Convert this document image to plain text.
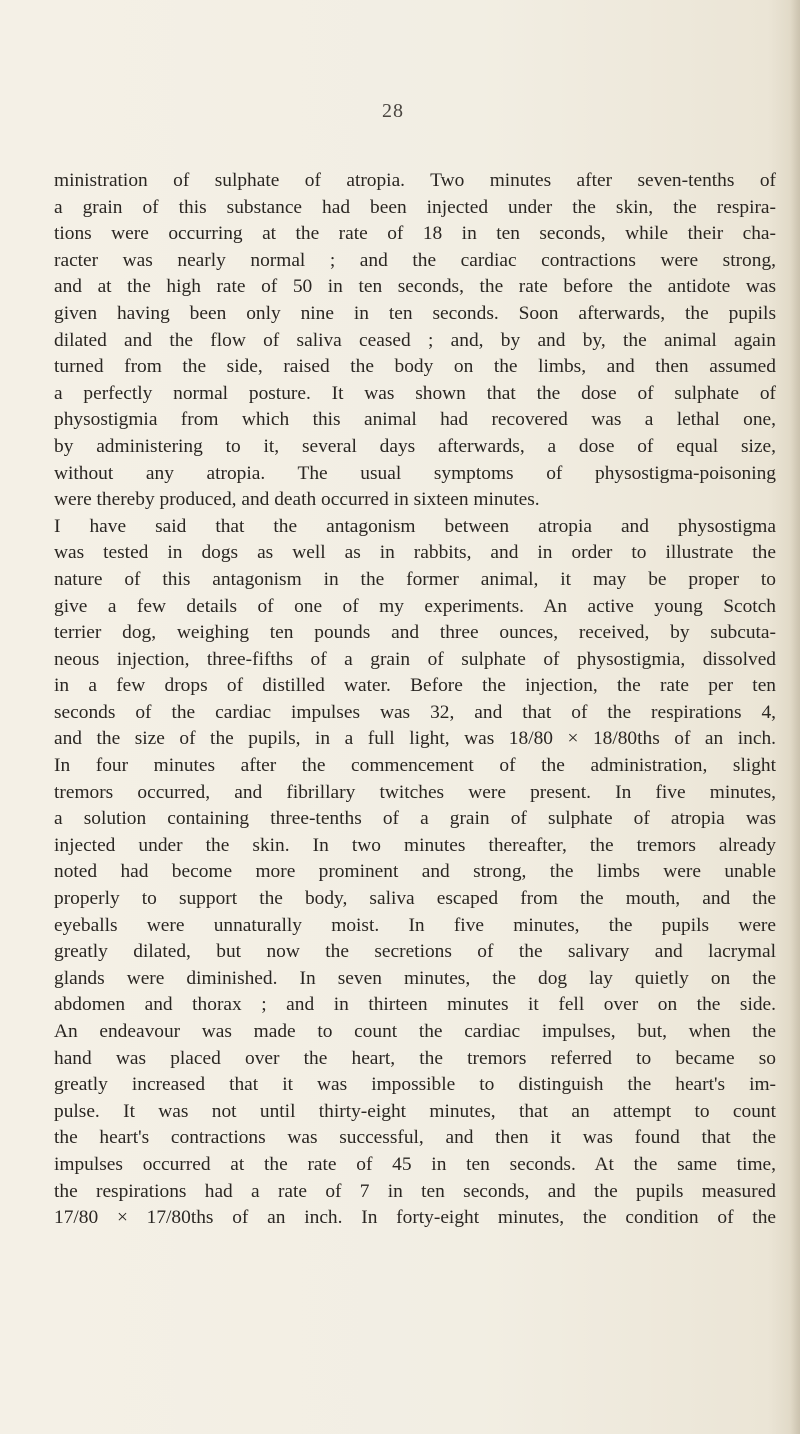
28
ministration of sulphate of atropia. Two minutes after seven-tenths of
a grain of this substance had been injected under the skin, the respira-
tions were occurring at the rate of 18 in ten seconds, while their cha-
racter was nearly normal ; and the cardiac contractions were strong,
and at the high rate of 50 in ten seconds, the rate before the antidote was
given having been only nine in ten seconds. Soon afterwards, the pupils
dilated and the flow of saliva ceased ; and, by and by, the animal again
turned from the side, raised the body on the limbs, and then assumed
a perfectly normal posture. It was shown that the dose of sulphate of
physostigmia from which this animal had recovered was a lethal one,
by administering to it, several days afterwards, a dose of equal size,
without any atropia. The usual symptoms of physostigma-poisoning
were thereby produced, and death occurred in sixteen minutes.
I have said that the antagonism between atropia and physostigma
was tested in dogs as well as in rabbits, and in order to illustrate the
nature of this antagonism in the former animal, it may be proper to
give a few details of one of my experiments. An active young Scotch
terrier dog, weighing ten pounds and three ounces, received, by subcuta-
neous injection, three-fifths of a grain of sulphate of physostigmia, dissolved
in a few drops of distilled water. Before the injection, the rate per ten
seconds of the cardiac impulses was 32, and that of the respirations 4,
and the size of the pupils, in a full light, was 18/80 × 18/80ths of an inch.
In four minutes after the commencement of the administration, slight
tremors occurred, and fibrillary twitches were present. In five minutes,
a solution containing three-tenths of a grain of sulphate of atropia was
injected under the skin. In two minutes thereafter, the tremors already
noted had become more prominent and strong, the limbs were unable
properly to support the body, saliva escaped from the mouth, and the
eyeballs were unnaturally moist. In five minutes, the pupils were
greatly dilated, but now the secretions of the salivary and lacrymal
glands were diminished. In seven minutes, the dog lay quietly on the
abdomen and thorax ; and in thirteen minutes it fell over on the side.
An endeavour was made to count the cardiac impulses, but, when the
hand was placed over the heart, the tremors referred to became so
greatly increased that it was impossible to distinguish the heart's im-
pulse. It was not until thirty-eight minutes, that an attempt to count
the heart's contractions was successful, and then it was found that the
impulses occurred at the rate of 45 in ten seconds. At the same time,
the respirations had a rate of 7 in ten seconds, and the pupils measured
17/80 × 17/80ths of an inch. In forty-eight minutes, the condition of the
